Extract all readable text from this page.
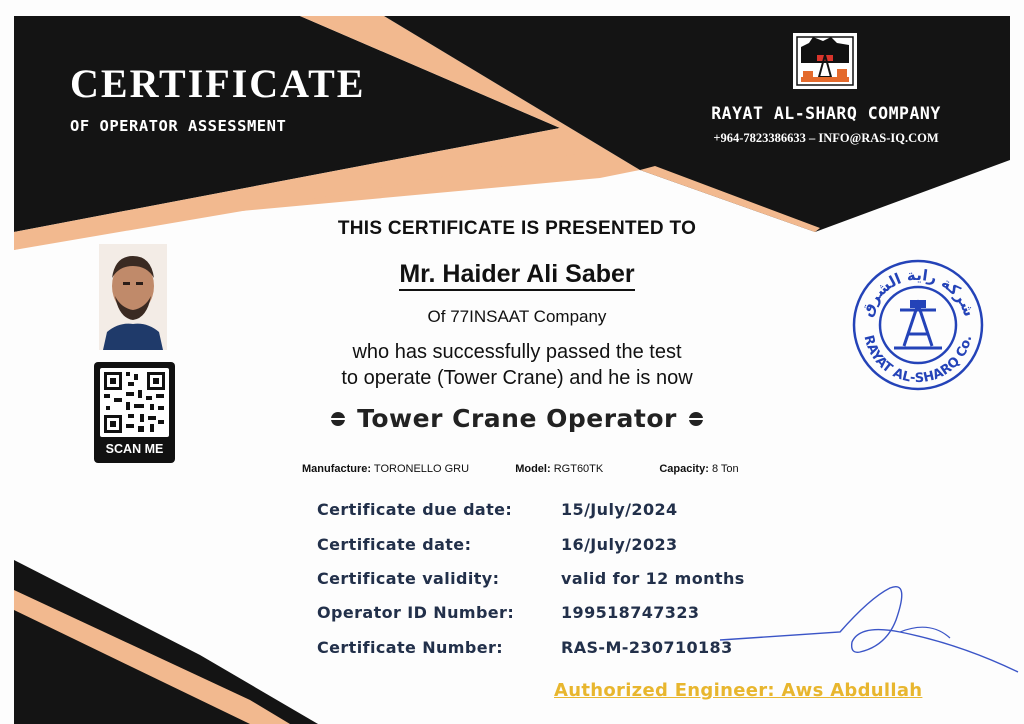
CERTIFICATE
OF OPERATOR ASSESSMENT
RAYAT AL-SHARQ COMPANY
+964-7823386633 – INFO@RAS-IQ.COM
THIS CERTIFICATE IS PRESENTED TO
Mr. Haider Ali Saber
Of 77INSAAT Company
who has successfully passed the test
to operate (Tower Crane) and he is now
Tower Crane Operator
Manufacture: TORONELLO GRU	Model: RGT60TK	Capacity: 8 Ton
Certificate due date:	15/July/2024
Certificate date:	16/July/2023
Certificate validity:	valid for 12 months
Operator ID Number:	199518747323
Certificate Number:	RAS-M-230710183
SCAN ME
شركة راية الشرق
RAYAT AL-SHARQ Co.
Authorized Engineer: Aws Abdullah
